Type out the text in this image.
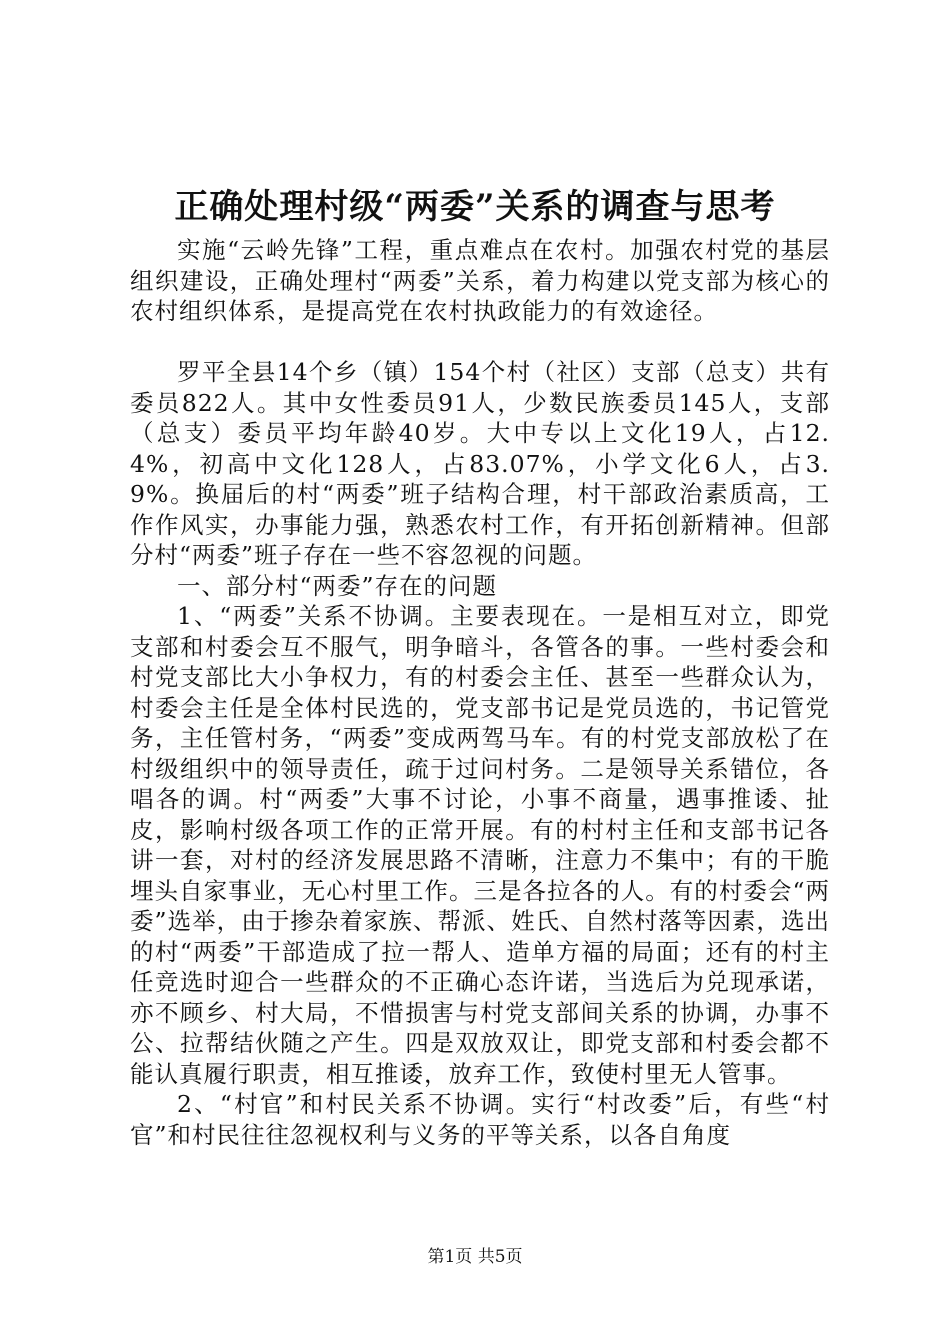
正确处理村级“两委”关系的调查与思考

实施“云岭先锋”工程，重点难点在农村。加强农村党的基层组织建设，正确处理村“两委”关系，着力构建以党支部为核心的农村组织体系，是提高党在农村执政能力的有效途径。

罗平全县14个乡（镇）154个村（社区）支部（总支）共有委员822人。其中女性委员91人，少数民族委员145人，支部（总支）委员平均年龄40岁。大中专以上文化19人，占12.4%，初高中文化128人，占83.07%，小学文化6人，占3.9%。换届后的村“两委”班子结构合理，村干部政治素质高，工作作风实，办事能力强，熟悉农村工作，有开拓创新精神。但部分村“两委”班子存在一些不容忽视的问题。

一、部分村“两委”存在的问题

1、“两委”关系不协调。主要表现在。一是相互对立，即党支部和村委会互不服气，明争暗斗，各管各的事。一些村委会和村党支部比大小争权力，有的村委会主任、甚至一些群众认为，村委会主任是全体村民选的，党支部书记是党员选的，书记管党务，主任管村务，“两委”变成两驾马车。有的村党支部放松了在村级组织中的领导责任，疏于过问村务。二是领导关系错位，各唱各的调。村“两委”大事不讨论，小事不商量，遇事推诿、扯皮，影响村级各项工作的正常开展。有的村村主任和支部书记各讲一套，对村的经济发展思路不清晰，注意力不集中；有的干脆埋头自家事业，无心村里工作。三是各拉各的人。有的村委会“两委”选举，由于掺杂着家族、帮派、姓氏、自然村落等因素，选出的村“两委”干部造成了拉一帮人、造单方福的局面；还有的村主任竞选时迎合一些群众的不正确心态许诺，当选后为兑现承诺，亦不顾乡、村大局，不惜损害与村党支部间关系的协调，办事不公、拉帮结伙随之产生。四是双放双让，即党支部和村委会都不能认真履行职责，相互推诿，放弃工作，致使村里无人管事。

2、“村官”和村民关系不协调。实行“村改委”后，有些“村官”和村民往往忽视权利与义务的平等关系，以各自角度

第1页 共5页
